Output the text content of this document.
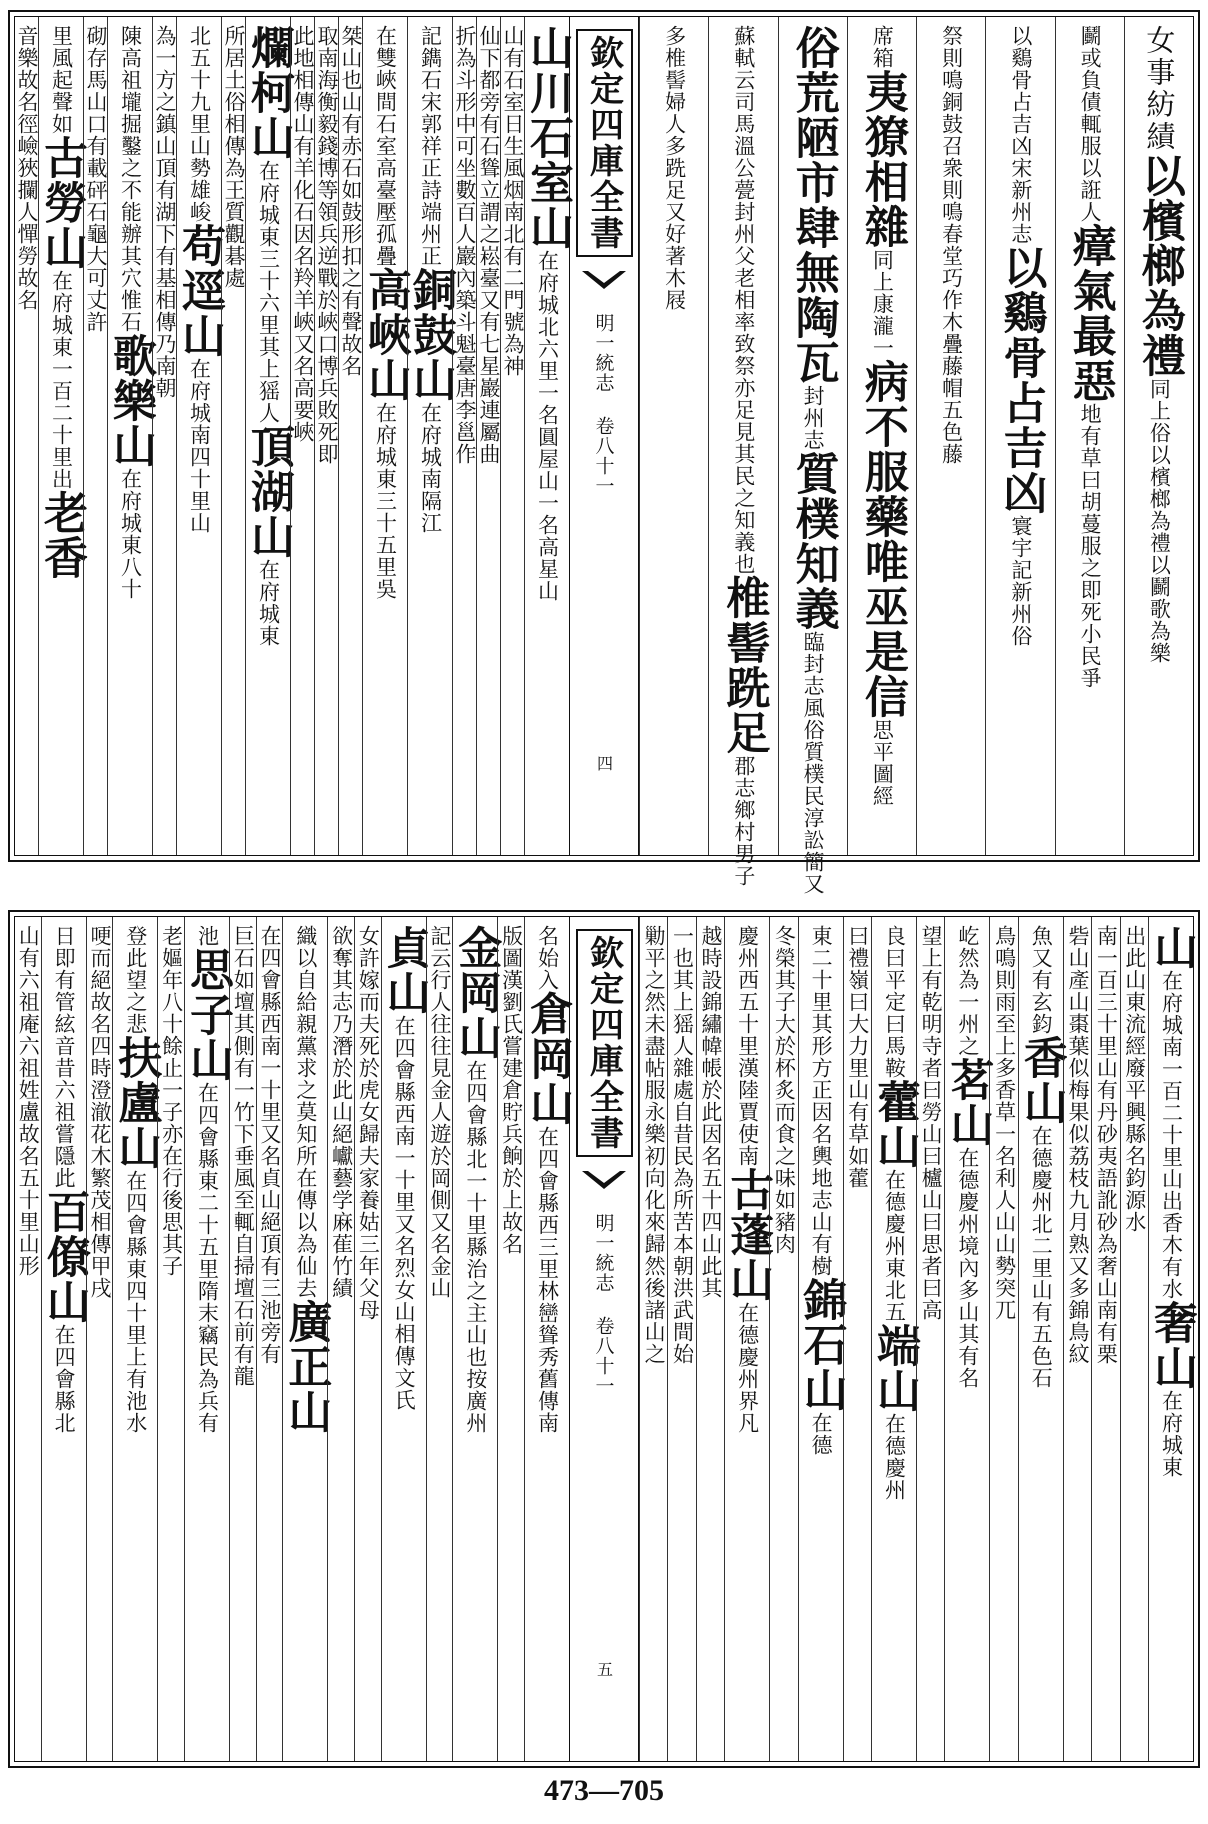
女事紡績
以檳榔為禮
同上俗以檳榔為禮以鬬歌為樂
鬬或負債輒服以誑人
瘴氣最惡
地有草曰胡蔓服之即死小民爭
以鷄骨占吉凶
宋新州志
以鷄骨占吉凶
寰宇記新州俗
祭則鳴銅鼓召衆則鳴春堂巧作木疊藤帽五色藤
席
箱
夷獠相雜
同上康瀧一
病不服藥唯巫是信
思平圖經
俗荒陋市肆無陶瓦
封州志
質樸知義
臨封志風俗質樸民淳訟簡又
蘇軾云司馬溫公甍封州父老相率致祭亦足見其民之知義也
椎髻跣足
郡志鄉村男子
多椎髻婦人多跣足又好著木屐
欽定四庫全書
明一統志 卷八十一
四
山川
石室山
在府城北六里一名圓屋山一名高星山
山有石室日生風烟南北有二門號為神
仙下都旁有石聳立謂之崧臺又有七星巖連屬曲
折為斗形中可坐數百人巖內築斗魁臺唐李邕作
記鐫石宋郭祥正詩端州正
銅鼓山
在府城南隔江
在雙峽間石室高臺壓孤疊
高峽山
在府城東三十五里吳
桀山也山有赤石如鼓形扣之有聲故名
取南海衡毅錢博等領兵逆戰於峽口博兵敗死即
此地相傳山有羊化石因名羚羊峽又名高要峽
爛柯山
在府城東三十六里其上猺人
頂湖山
在府城東
所居土俗相傳為王質觀碁處
北五十九里山勢雄峻
苟逕山
在府城南四十里山
為一方之鎮山頂有湖
下有基相傳乃南朝
陳高祖壠掘鑿之不能辦其穴惟石
歌樂山
在府城東八十
砌存馬山口有載砰石龜大可丈許
里風起聲如
古勞山
在府城東一百二十里出
老香
音樂故名
徑嶮狹攔人憚勞故名
山
在府城南一百二十里山出香木有水
奢山
在府城東
出此山東流經廢平興縣名鈞源水
南一百三十里山有丹砂夷語訛砂為奢山南有栗
砦山產山棗葉似梅果似荔枝九月熟又多錦鳥紋
魚又有玄鈞
香山
在德慶州北二里山有五色石
鳥鳴則雨至
上多香草一名利人山山勢突兀
屹然為一州之
茗山
在德慶州境內多山其有名
望上有乾明寺
者曰勞山曰櫨山曰思者曰高
良曰平定曰馬鞍
藿山
在德慶州東北五
端山
在德慶州
曰禮嶺曰大力
里山有草如藿
東二十里其形方正因名輿地志山有樹
錦石山
在德
冬榮其子大於杯炙而食之味如豬肉
慶州西五十里漢陸賈使南
古蓬山
在德慶州界凡
越時設錦繡幃帳於此因名
五十四山此其
一也其上猺人雜處自昔民為所苦本朝洪武間始
勦平之然未盡帖服永樂初向化來歸然後諸山之
欽定四庫全書
明一統志 卷八十一
五
名始入
倉岡山
在四會縣西三里林巒聳秀舊傳南
版圖
漢劉氏嘗建倉貯兵餉於上故名
金岡山
在四會縣北一十里縣治之主山也按廣州
記云行人往往見金人遊於岡側又名金山
貞山
在四會縣西南一十里又名烈女山相傳文氏
女許嫁而夫死於虎女歸夫家養姑三年父母
欲奪其志乃潛於此山絕巘藝学麻萑竹績
織以自給親黨求之莫知所在傳以為仙去
廣正山
在四會縣西南一十里又名貞山絕頂有三池旁有
巨石如壇其側有一竹下垂風至輒自掃壇石前有龍
池
思子山
在四會縣東二十五里隋末竊民為兵有
老嫗年八十餘止一子亦在行後思其子
登此望之悲
扶盧山
在四會縣東四十里上有池水
哽而絕故名
四時澄澈花木繁茂相傳甲戌
日即有管絃音昔六祖嘗隱此
百僚山
在四會縣北
山有六祖庵六祖姓盧故名
五十里山形
473—705
